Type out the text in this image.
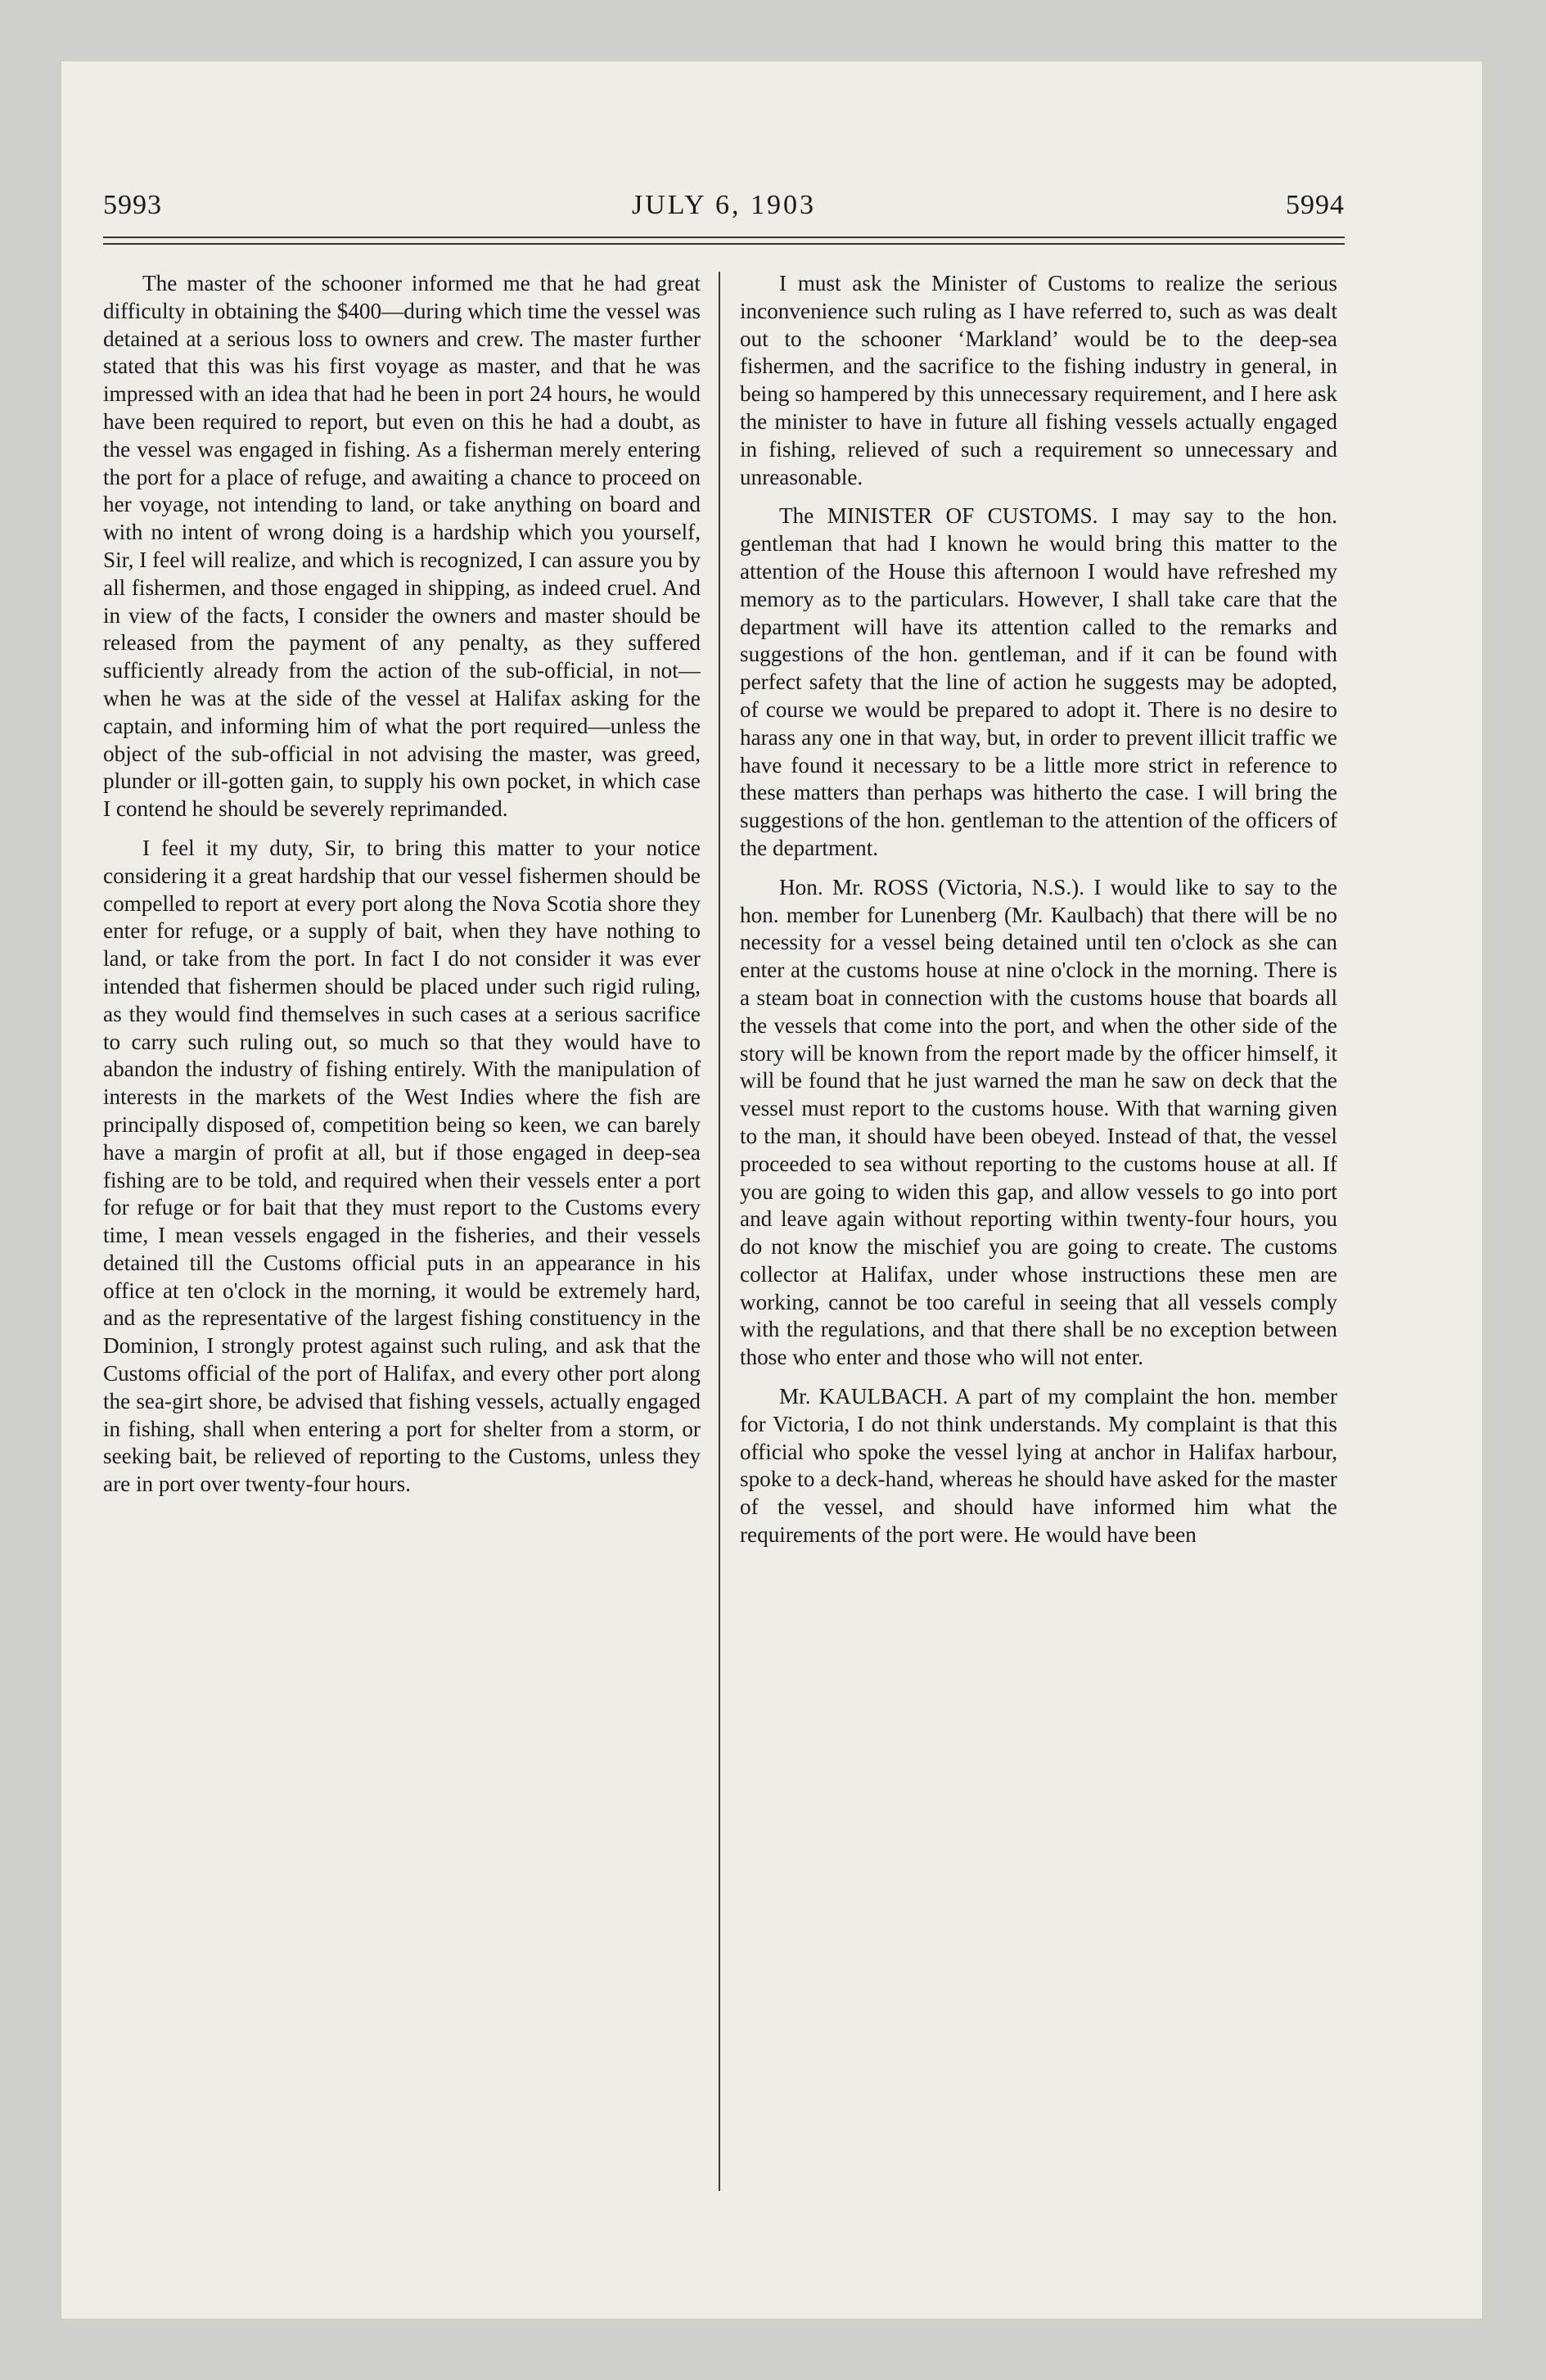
5993	JULY 6, 1903	5994

The master of the schooner informed me that he had great difficulty in obtaining the $400—during which time the vessel was detained at a serious loss to owners and crew. The master further stated that this was his first voyage as master, and that he was impressed with an idea that had he been in port 24 hours, he would have been required to report, but even on this he had a doubt, as the vessel was engaged in fishing. As a fisherman merely entering the port for a place of refuge, and awaiting a chance to proceed on her voyage, not intending to land, or take anything on board and with no intent of wrong doing is a hardship which you yourself, Sir, I feel will realize, and which is recognized, I can assure you by all fishermen, and those engaged in shipping, as indeed cruel. And in view of the facts, I consider the owners and master should be released from the payment of any penalty, as they suffered sufficiently already from the action of the sub-official, in not—when he was at the side of the vessel at Halifax asking for the captain, and informing him of what the port required—unless the object of the sub-official in not advising the master, was greed, plunder or ill-gotten gain, to supply his own pocket, in which case I contend he should be severely reprimanded.

I feel it my duty, Sir, to bring this matter to your notice considering it a great hardship that our vessel fishermen should be compelled to report at every port along the Nova Scotia shore they enter for refuge, or a supply of bait, when they have nothing to land, or take from the port. In fact I do not consider it was ever intended that fishermen should be placed under such rigid ruling, as they would find themselves in such cases at a serious sacrifice to carry such ruling out, so much so that they would have to abandon the industry of fishing entirely. With the manipulation of interests in the markets of the West Indies where the fish are principally disposed of, competition being so keen, we can barely have a margin of profit at all, but if those engaged in deep-sea fishing are to be told, and required when their vessels enter a port for refuge or for bait that they must report to the Customs every time, I mean vessels engaged in the fisheries, and their vessels detained till the Customs official puts in an appearance in his office at ten o'clock in the morning, it would be extremely hard, and as the representative of the largest fishing constituency in the Dominion, I strongly protest against such ruling, and ask that the Customs official of the port of Halifax, and every other port along the sea-girt shore, be advised that fishing vessels, actually engaged in fishing, shall when entering a port for shelter from a storm, or seeking bait, be relieved of reporting to the Customs, unless they are in port over twenty-four hours.

I must ask the Minister of Customs to realize the serious inconvenience such ruling as I have referred to, such as was dealt out to the schooner ‘Markland’ would be to the deep-sea fishermen, and the sacrifice to the fishing industry in general, in being so hampered by this unnecessary requirement, and I here ask the minister to have in future all fishing vessels actually engaged in fishing, relieved of such a requirement so unnecessary and unreasonable.

The MINISTER OF CUSTOMS. I may say to the hon. gentleman that had I known he would bring this matter to the attention of the House this afternoon I would have refreshed my memory as to the particulars. However, I shall take care that the department will have its attention called to the remarks and suggestions of the hon. gentleman, and if it can be found with perfect safety that the line of action he suggests may be adopted, of course we would be prepared to adopt it. There is no desire to harass any one in that way, but, in order to prevent illicit traffic we have found it necessary to be a little more strict in reference to these matters than perhaps was hitherto the case. I will bring the suggestions of the hon. gentleman to the attention of the officers of the department.

Hon. Mr. ROSS (Victoria, N.S.). I would like to say to the hon. member for Lunenberg (Mr. Kaulbach) that there will be no necessity for a vessel being detained until ten o'clock as she can enter at the customs house at nine o'clock in the morning. There is a steam boat in connection with the customs house that boards all the vessels that come into the port, and when the other side of the story will be known from the report made by the officer himself, it will be found that he just warned the man he saw on deck that the vessel must report to the customs house. With that warning given to the man, it should have been obeyed. Instead of that, the vessel proceeded to sea without reporting to the customs house at all. If you are going to widen this gap, and allow vessels to go into port and leave again without reporting within twenty-four hours, you do not know the mischief you are going to create. The customs collector at Halifax, under whose instructions these men are working, cannot be too careful in seeing that all vessels comply with the regulations, and that there shall be no exception between those who enter and those who will not enter.

Mr. KAULBACH. A part of my complaint the hon. member for Victoria, I do not think understands. My complaint is that this official who spoke the vessel lying at anchor in Halifax harbour, spoke to a deck-hand, whereas he should have asked for the master of the vessel, and should have informed him what the requirements of the port were. He would have been
